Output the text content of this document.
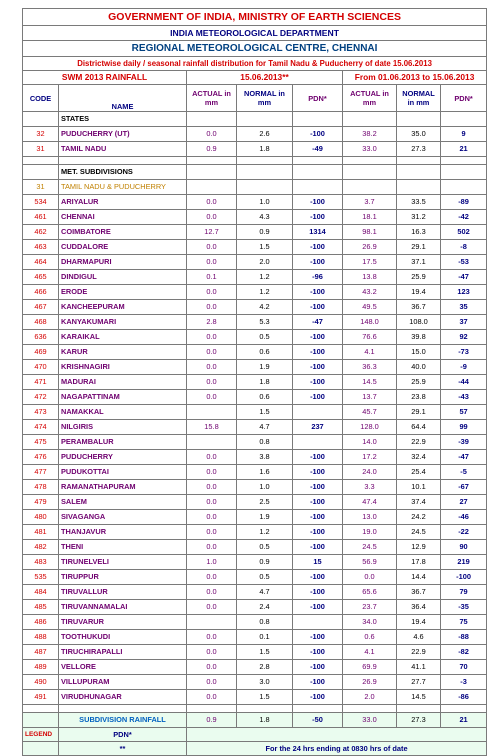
GOVERNMENT OF INDIA, MINISTRY OF EARTH SCIENCES							
INDIA METEOROLOGICAL DEPARTMENT							
REGIONAL METEOROLOGICAL CENTRE, CHENNAI							
Districtwise daily / seasonal rainfall distribution for Tamil Nadu & Puducherry of date 15.06.2013							
SWM 2013 RAINFALL		15.06.2013**			From 01.06.2013 to 15.06.2013		
CODE	NAME	ACTUAL in mm	NORMAL in mm	PDN*	ACTUAL in mm	NORMAL in mm	PDN*
	STATES						
32	PUDUCHERRY (UT)	0.0	2.6	-100	38.2	35.0	9
31	TAMIL NADU	0.9	1.8	-49	33.0	27.3	21

	MET. SUBDIVISIONS						
31	TAMIL NADU & PUDUCHERRY						
534	ARIYALUR	0.0	1.0	-100	3.7	33.5	-89
461	CHENNAI	0.0	4.3	-100	18.1	31.2	-42
462	COIMBATORE	12.7	0.9	1314	98.1	16.3	502
463	CUDDALORE	0.0	1.5	-100	26.9	29.1	-8
464	DHARMAPURI	0.0	2.0	-100	17.5	37.1	-53
465	DINDIGUL	0.1	1.2	-96	13.8	25.9	-47
466	ERODE	0.0	1.2	-100	43.2	19.4	123
467	KANCHEEPURAM	0.0	4.2	-100	49.5	36.7	35
468	KANYAKUMARI	2.8	5.3	-47	148.0	108.0	37
636	KARAIKAL	0.0	0.5	-100	76.6	39.8	92
469	KARUR	0.0	0.6	-100	4.1	15.0	-73
470	KRISHNAGIRI	0.0	1.9	-100	36.3	40.0	-9
471	MADURAI	0.0	1.8	-100	14.5	25.9	-44
472	NAGAPATTINAM	0.0	0.6	-100	13.7	23.8	-43
473	NAMAKKAL		1.5		45.7	29.1	57
474	NILGIRIS	15.8	4.7	237	128.0	64.4	99
475	PERAMBALUR		0.8		14.0	22.9	-39
476	PUDUCHERRY	0.0	3.8	-100	17.2	32.4	-47
477	PUDUKOTTAI	0.0	1.6	-100	24.0	25.4	-5
478	RAMANATHAPURAM	0.0	1.0	-100	3.3	10.1	-67
479	SALEM	0.0	2.5	-100	47.4	37.4	27
480	SIVAGANGA	0.0	1.9	-100	13.0	24.2	-46
481	THANJAVUR	0.0	1.2	-100	19.0	24.5	-22
482	THENI	0.0	0.5	-100	24.5	12.9	90
483	TIRUNELVELI	1.0	0.9	15	56.9	17.8	219
535	TIRUPPUR	0.0	0.5	-100	0.0	14.4	-100
484	TIRUVALLUR	0.0	4.7	-100	65.6	36.7	79
485	TIRUVANNAMALAI	0.0	2.4	-100	23.7	36.4	-35
486	TIRUVARUR		0.8		34.0	19.4	75
488	TOOTHUKUDI	0.0	0.1	-100	0.6	4.6	-88
487	TIRUCHIRAPALLI	0.0	1.5	-100	4.1	22.9	-82
489	VELLORE	0.0	2.8	-100	69.9	41.1	70
490	VILLUPURAM	0.0	3.0	-100	26.9	27.7	-3
491	VIRUDHUNAGAR	0.0	1.5	-100	2.0	14.5	-86

	SUBDIVISION RAINFALL	0.9	1.8	-50	33.0	27.3	21
LEGEND	PDN*						
	**	For the 24 hrs ending at 0830 hrs of date					
